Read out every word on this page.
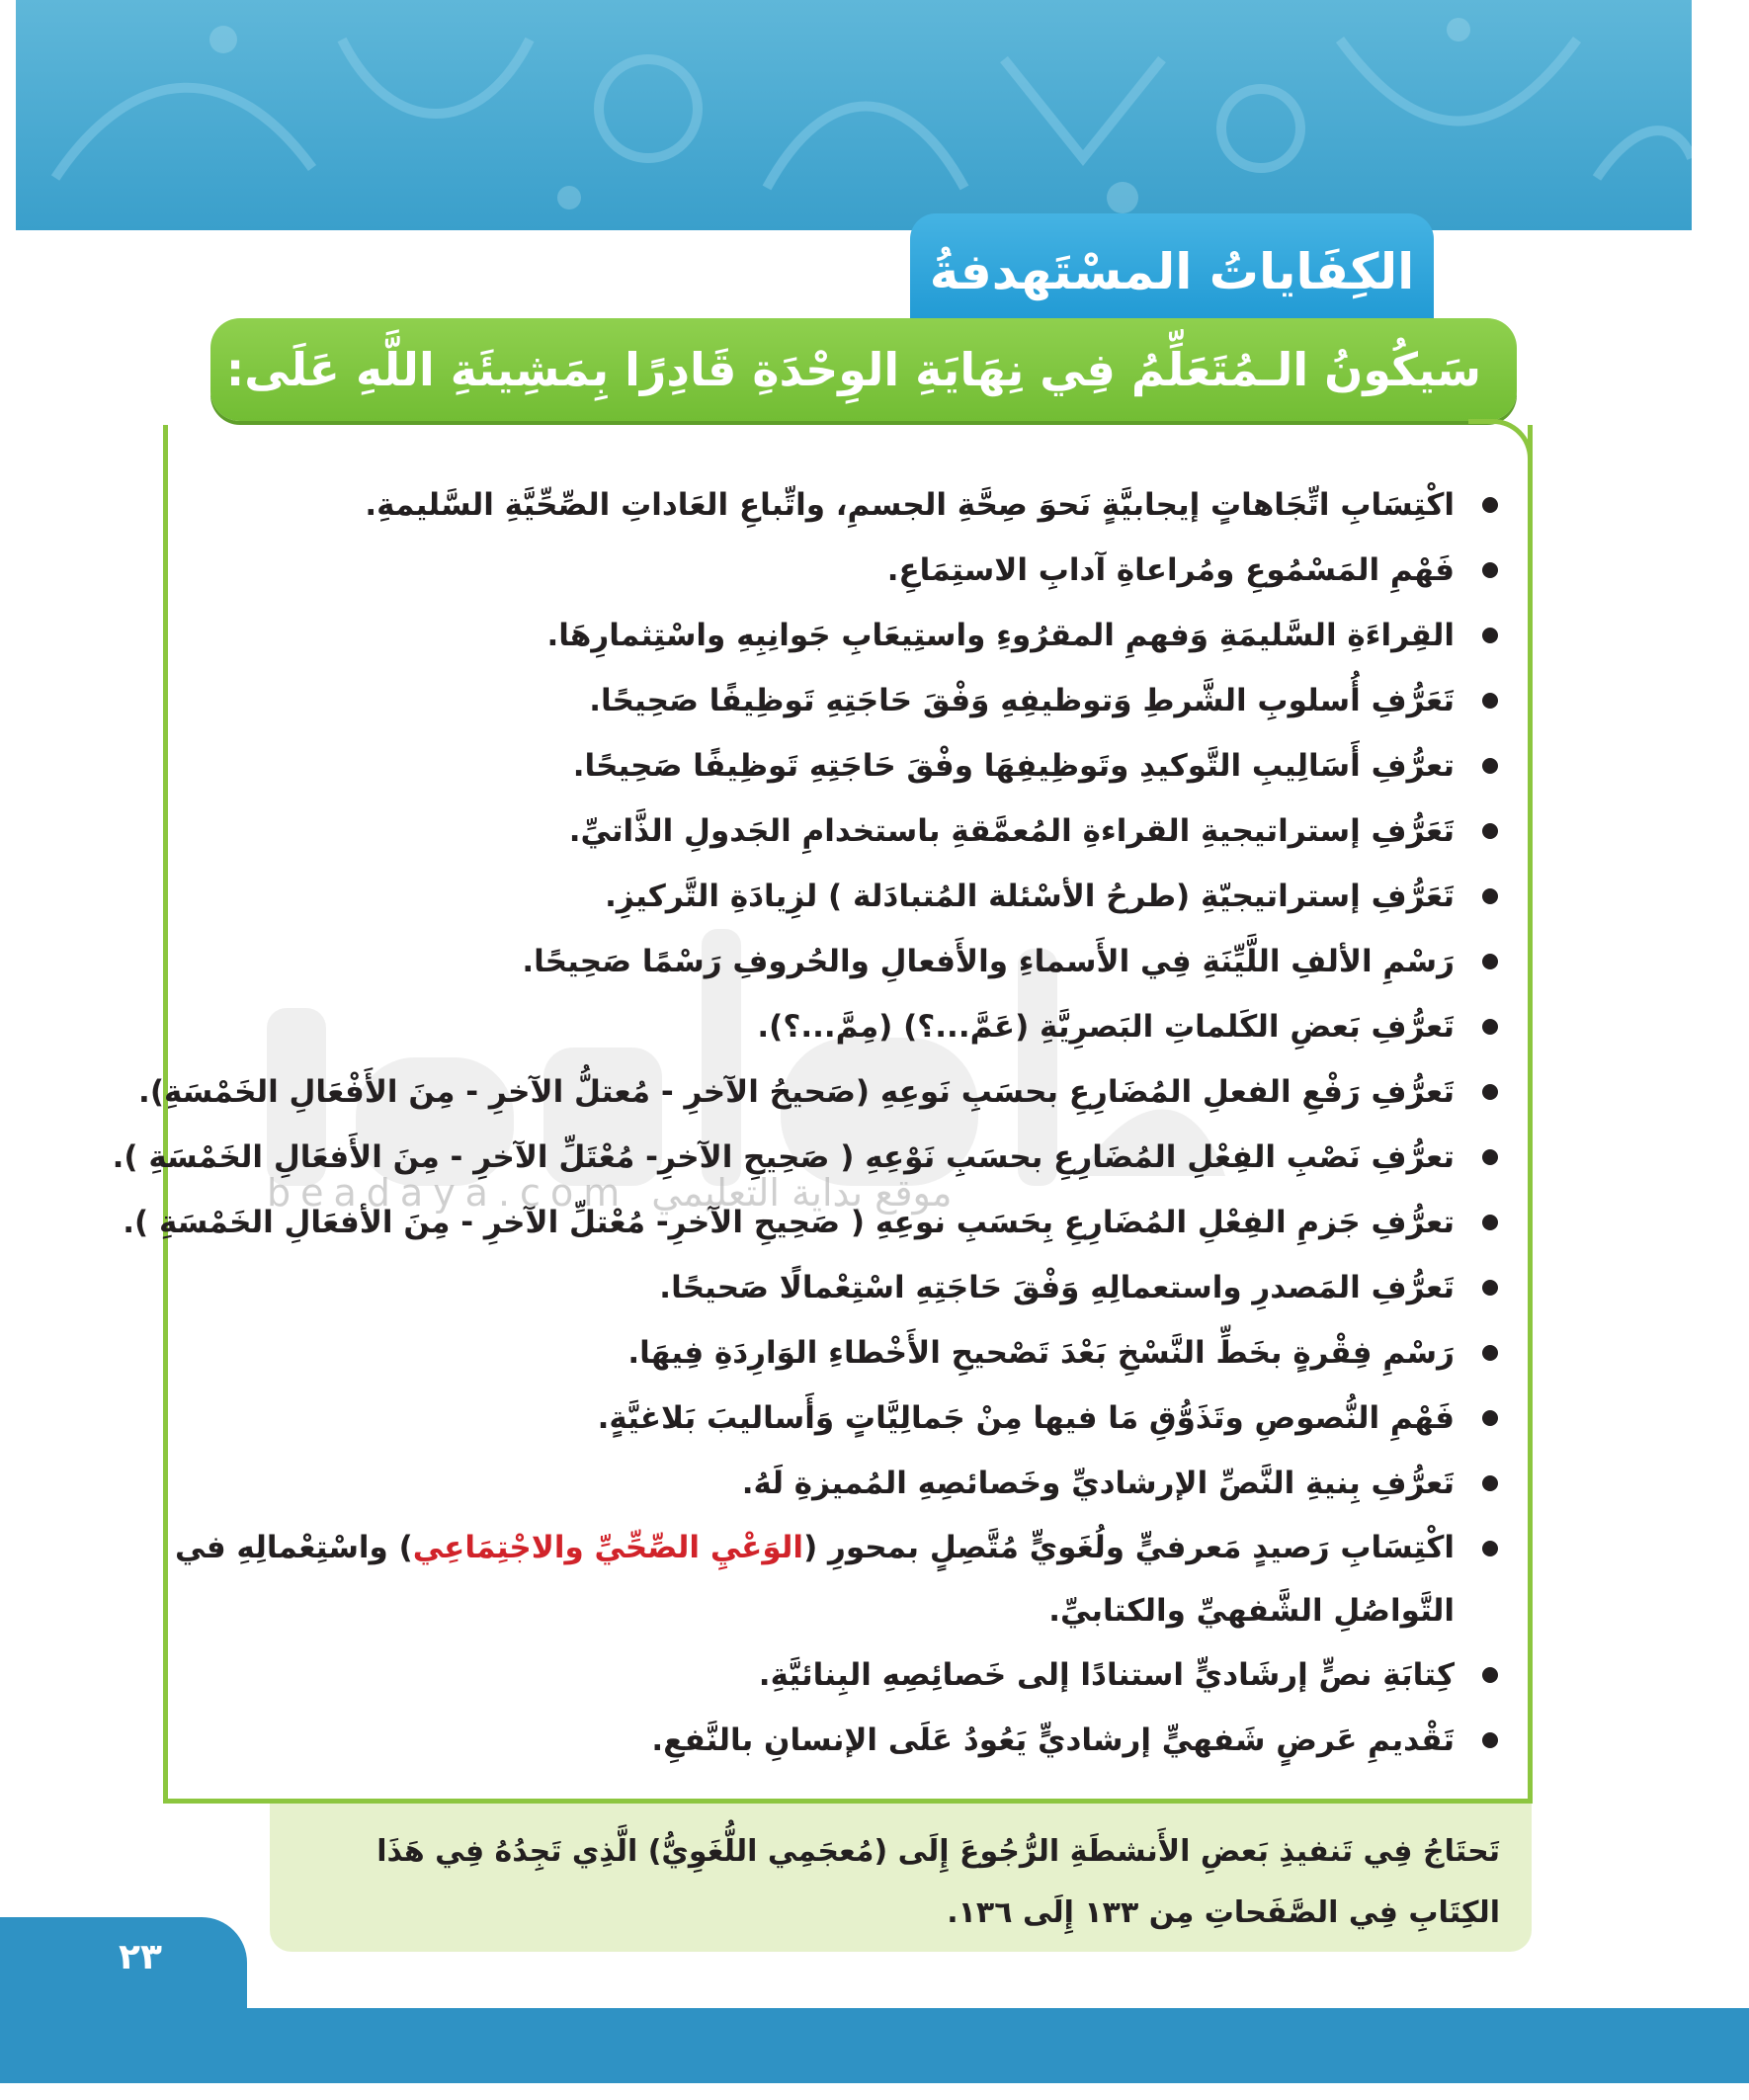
beadaya.com موقع بداية التعليمي
الكِفَاياتُ المسْتَهدفةُ
سَيكُونُ الـمُتَعَلِّمُ فِي نِهَايَةِ الوِحْدَةِ قَادِرًا بِمَشِيئَةِ اللَّهِ عَلَى:
اكْتِسَابِ اتِّجَاهاتٍ إيجابيَّةٍ نَحوَ صِحَّةِ الجسمِ، واتِّباعِ العَاداتِ الصِّحِّيَّةِ السَّليمةِ.
فَهْمِ المَسْمُوعِ ومُراعاةِ آدابِ الاستِمَاعِ.
القِراءَةِ السَّليمَةِ وَفهمِ المقرُوءِ واستِيعَابِ جَوانِبِهِ واسْتِثمارِهَا.
تَعَرُّفِ أُسلوبِ الشَّرطِ وَتوظيفِهِ وَفْقَ حَاجَتِهِ تَوظِيفًا صَحِيحًا.
تعرُّفِ أَسَالِيبِ التَّوكيدِ وتَوظِيفِهَا وفْقَ حَاجَتِهِ تَوظِيفًا صَحِيحًا.
تَعَرُّفِ إستراتيجيةِ القراءةِ المُعمَّقةِ باستخدامِ الجَدولِ الذَّاتيِّ.
تَعَرُّفِ إستراتيجيّةِ (طرحُ الأسْئلة المُتبادَلة ) لزِيادَةِ التَّركيزِ.
رَسْمِ الألفِ اللَّيِّنَةِ فِي الأَسماءِ والأَفعالِ والحُروفِ رَسْمًا صَحِيحًا.
تَعرُّفِ بَعضِ الكَلماتِ البَصرِيَّةِ (عَمَّ...؟) (مِمَّ...؟).
تَعرُّفِ رَفْعِ الفعلِ المُضَارِعِ بحسَبِ نَوعِهِ (صَحيحُ الآخرِ - مُعتلُّ الآخرِ - مِنَ الأَفْعَالِ الخَمْسَةِ).
تعرُّفِ نَصْبِ الفِعْلِ المُضَارِعِ بحسَبِ نَوْعِهِ ( صَحِيحِ الآخرِ- مُعْتَلِّ الآخرِ - مِنَ الأَفعَالِ الخَمْسَةِ ).
تعرُّفِ جَزمِ الفِعْلِ المُضَارِعِ بِحَسَبِ نوعِهِ ( صَحِيحِ الآخرِ- مُعْتلِّ الآخرِ - مِنَ الأفعَالِ الخَمْسَةِ ).
تَعرُّفِ المَصدرِ واستعمالِهِ وَفْقَ حَاجَتِهِ اسْتِعْمالًا صَحيحًا.
رَسْمِ فِقْرةٍ بخَطِّ النَّسْخِ بَعْدَ تَصْحيحِ الأَخْطاءِ الوَارِدَةِ فِيهَا.
فَهْمِ النُّصوصِ وتَذَوُّقِ مَا فيها مِنْ جَمالِيَّاتٍ وَأَساليبَ بَلاغيَّةٍ.
تَعرُّفِ بِنيةِ النَّصِّ الإرشاديِّ وخَصائصِهِ المُميزةِ لَهُ.
اكْتِسَابِ رَصيدٍ مَعرفيٍّ ولُغَويٍّ مُتَّصِلٍ بمحورِ (الوَعْيِ الصِّحِّيِّ والاجْتِمَاعِي) واسْتِعْمالِهِ في التَّواصُلِ الشَّفهيِّ والكتابيِّ.
كِتابَةِ نصٍّ إرشَاديٍّ استنادًا إلى خَصائِصِهِ البِنائيَّةِ.
تَقْديمِ عَرضٍ شَفهيٍّ إرشاديٍّ يَعُودُ عَلَى الإنسانِ بالنَّفعِ.

تَحتَاجُ فِي تَنفيذِ بَعضِ الأَنشطَةِ الرُّجُوعَ إِلَى (مُعجَمِي اللُّغَوِيُّ) الَّذِي تَجِدُهُ فِي هَذَا الكِتَابِ فِي الصَّفَحاتِ مِن ١٣٣ إِلَى ١٣٦.

٢٣
